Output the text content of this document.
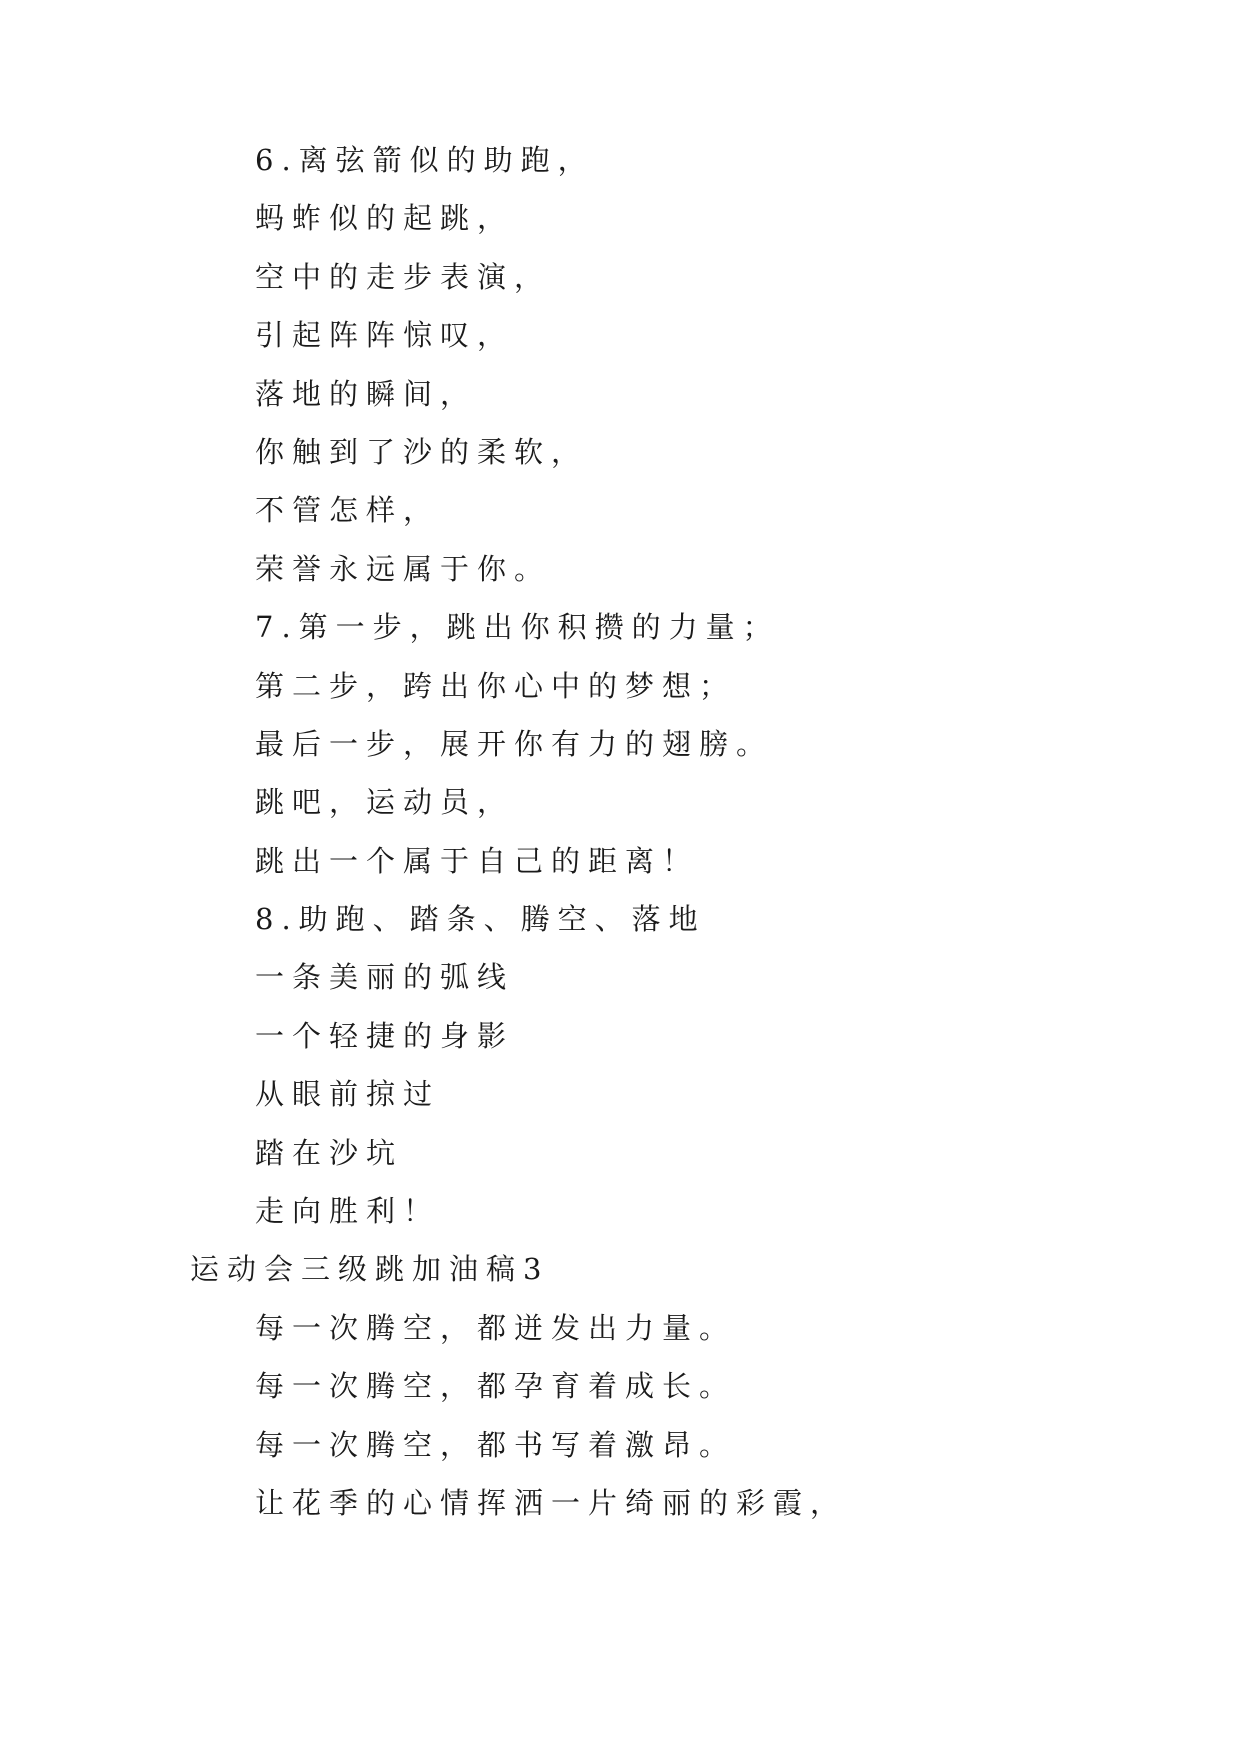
6.离弦箭似的助跑，
蚂蚱似的起跳，
空中的走步表演，
引起阵阵惊叹，
落地的瞬间，
你触到了沙的柔软，
不管怎样，
荣誉永远属于你。
7.第一步，跳出你积攒的力量；
第二步，跨出你心中的梦想；
最后一步，展开你有力的翅膀。
跳吧，运动员，
跳出一个属于自己的距离！
8.助跑、踏条、腾空、落地
一条美丽的弧线
一个轻捷的身影
从眼前掠过
踏在沙坑
走向胜利！
运动会三级跳加油稿3
每一次腾空，都迸发出力量。
每一次腾空，都孕育着成长。
每一次腾空，都书写着激昂。
让花季的心情挥洒一片绮丽的彩霞，
